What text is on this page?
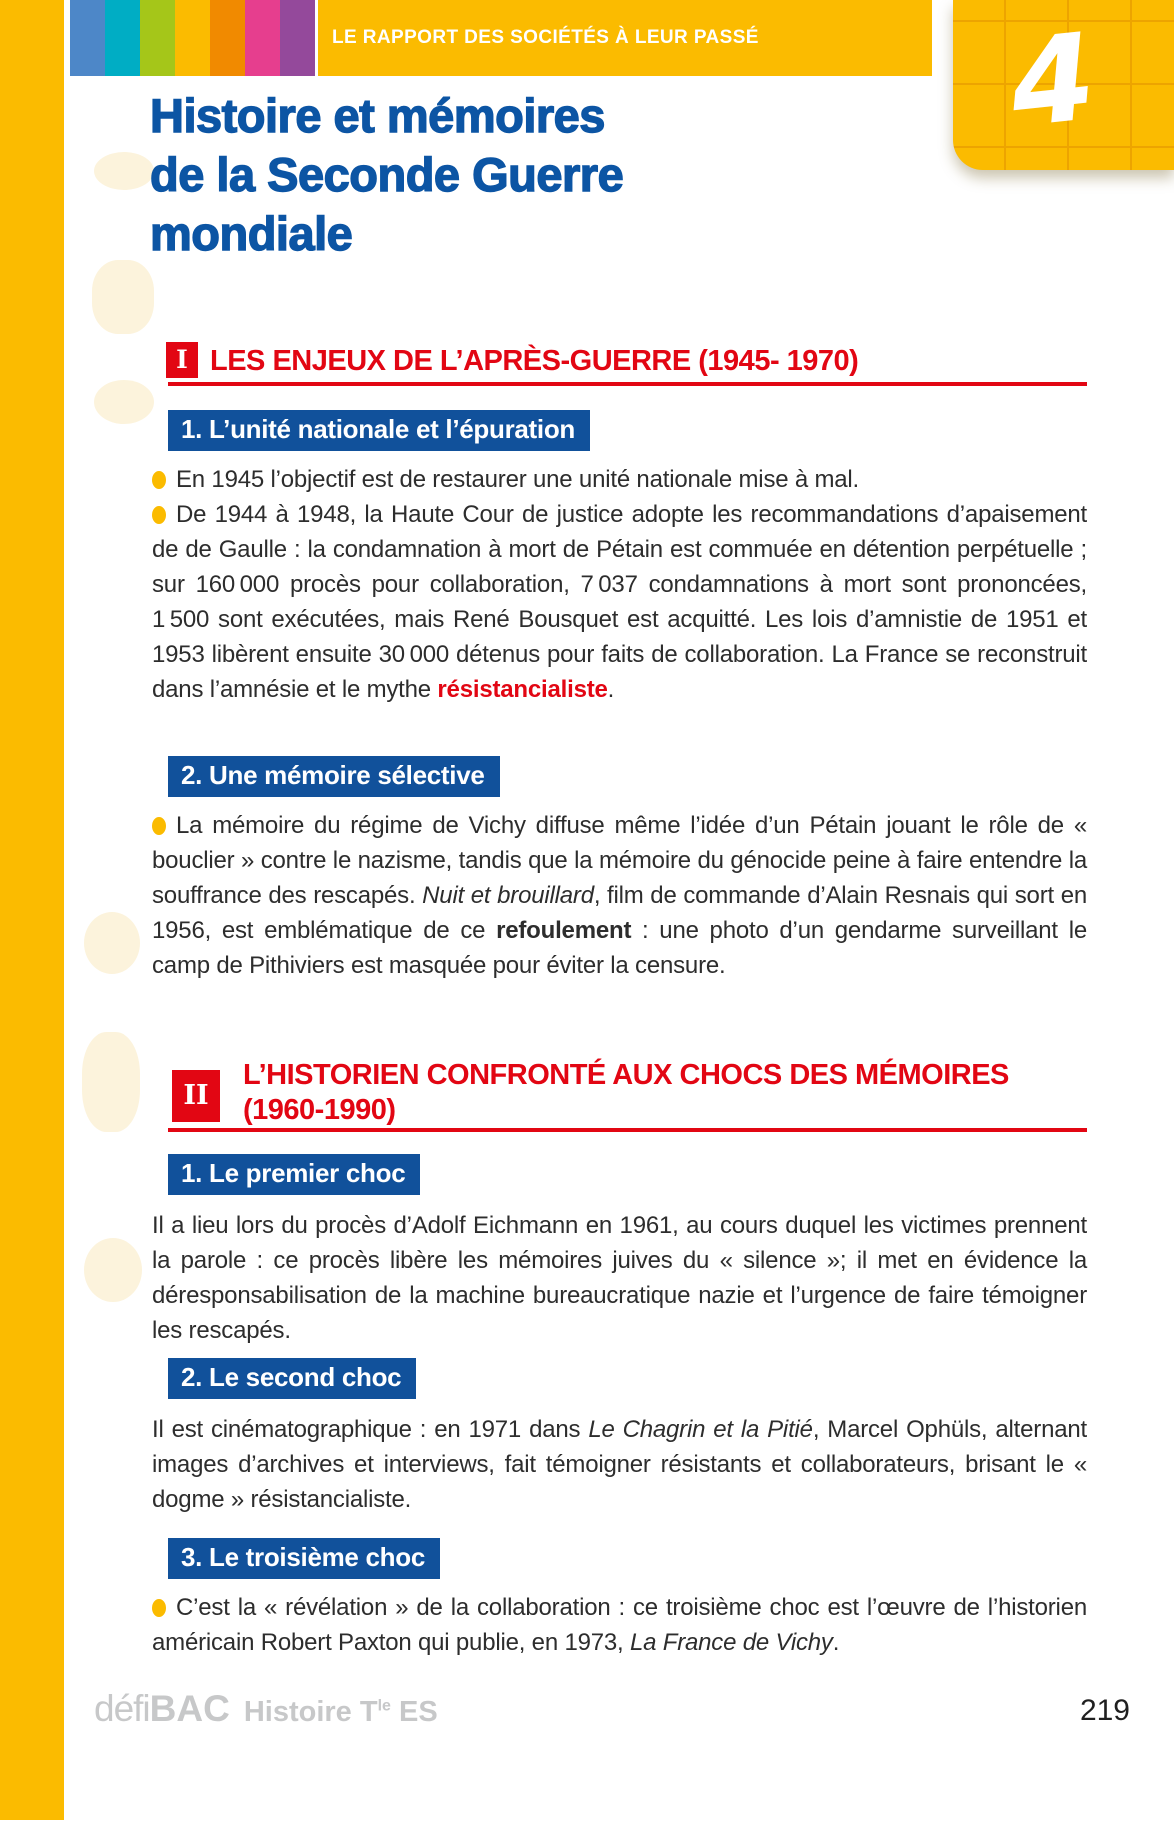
LE RAPPORT DES SOCIÉTÉS À LEUR PASSÉ 4
Histoire et mémoires
de la Seconde Guerre
mondiale
I LES ENJEUX DE L’APRÈS-GUERRE (1945- 1970)
1. L’unité nationale et l’épuration

En 1945 l’objectif est de restaurer une unité nationale mise à mal.

De 1944 à 1948, la Haute Cour de justice adopte les recommandations d’apaisement de de Gaulle : la condamnation à mort de Pétain est commuée en détention perpétuelle ; sur 160 000 procès pour collaboration, 7 037 condamnations à mort sont prononcées, 1 500 sont exécutées, mais René Bousquet est acquitté. Les lois d’amnistie de 1951 et 1953 libèrent ensuite 30 000 détenus pour faits de collaboration. La France se reconstruit dans l’amnésie et le mythe résistancialiste.

2. Une mémoire sélective

La mémoire du régime de Vichy diffuse même l’idée d’un Pétain jouant le rôle de « bouclier » contre le nazisme, tandis que la mémoire du génocide peine à faire entendre la souffrance des rescapés. Nuit et brouillard, film de commande d’Alain Resnais qui sort en 1956, est emblématique de ce refoulement : une photo d’un gendarme surveillant le camp de Pithiviers est masquée pour éviter la censure.

II
L’HISTORIEN CONFRONTÉ AUX CHOCS DES MÉMOIRES
(1960-1990)
1. Le premier choc

Il a lieu lors du procès d’Adolf Eichmann en 1961, au cours duquel les victimes prennent la parole : ce procès libère les mémoires juives du « silence »; il met en évidence la déresponsabilisation de la machine bureaucratique nazie et l’urgence de faire témoigner les rescapés.

2. Le second choc

Il est cinématographique : en 1971 dans Le Chagrin et la Pitié, Marcel Ophüls, alternant images d’archives et interviews, fait témoigner résistants et collaborateurs, brisant le « dogme » résistancialiste.

3. Le troisième choc

C’est la « révélation » de la collaboration : ce troisième choc est l’œuvre de l’historien américain Robert Paxton qui publie, en 1973, La France de Vichy.

défiBAC Histoire $T^{le}$ ES	219
